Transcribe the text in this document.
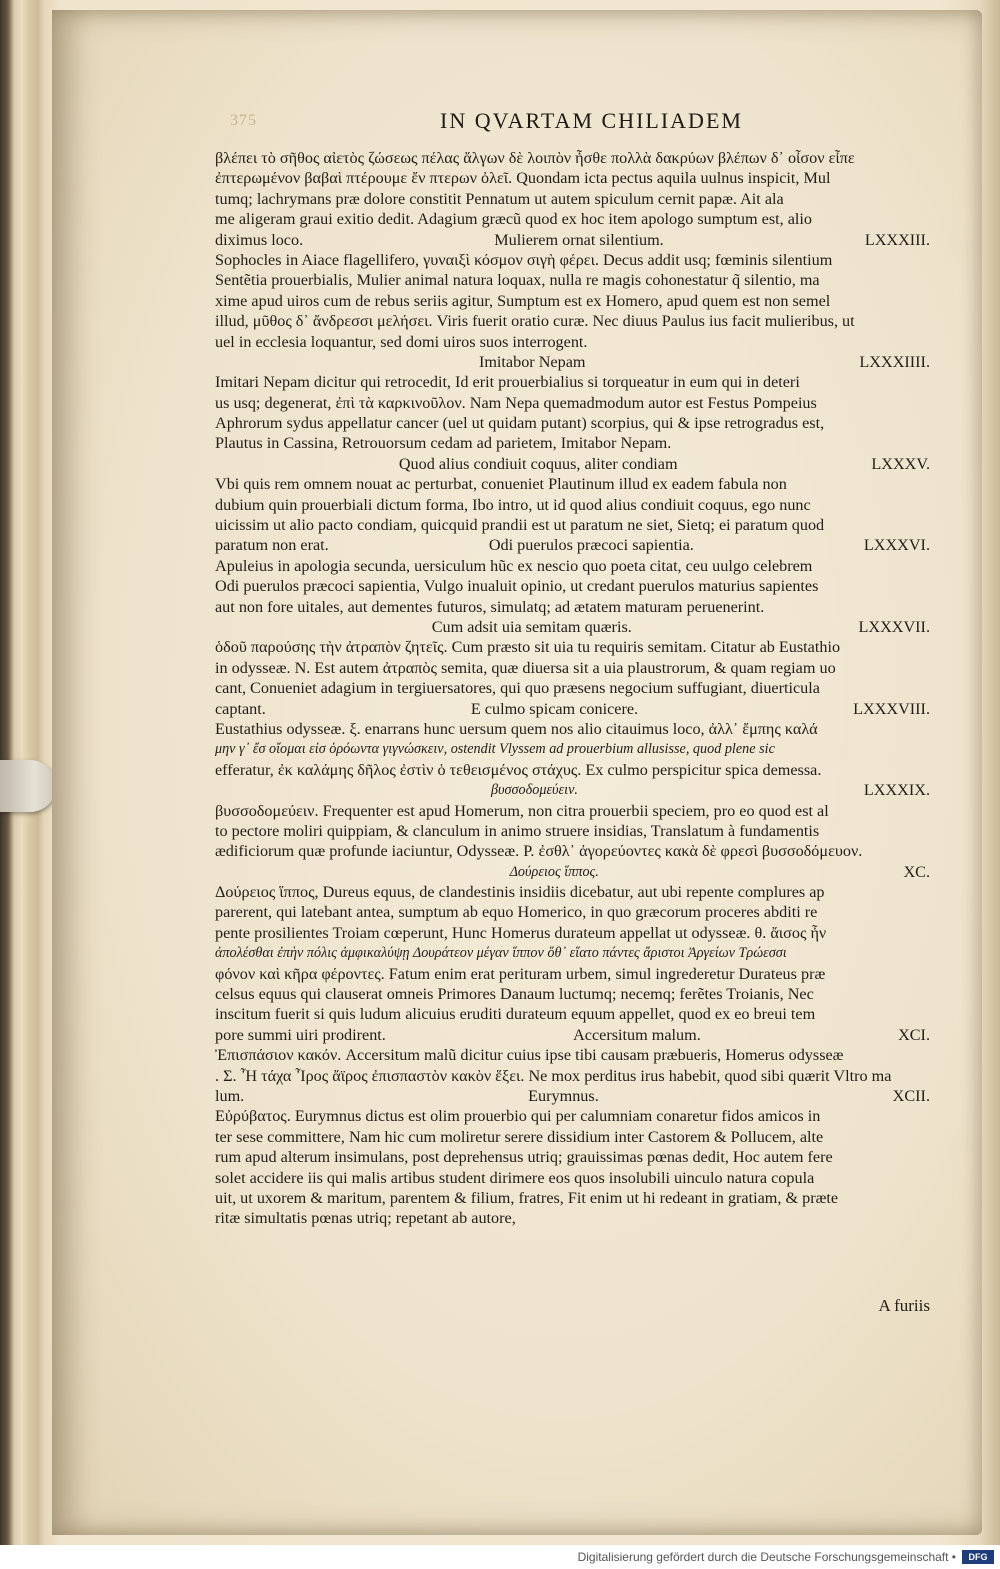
375	IN QVARTAM CHILIADEM
βλέπει τὸ σῆθος αἰετὸς ζώσεως πέλας ἄλγων δὲ λοιπὸν ἦσθε πολλὰ δακρύων βλέπων δ᾽ οἶσον εἶπε
ἐπτερωμένον βαβαὶ πτέρουμε ἔν πτερων ὀλεῖ. Quondam icta pectus aquila uulnus inspicit, Mul
tumq; lachrymans præ dolore constitit Pennatum ut autem spiculum cernit papæ. Ait ala
me aligeram graui exitio dedit. Adagium græcũ quod ex hoc item apologo sumptum est, alio
diximus loco.	Mulierem ornat silentium.	LXXXIII.
Sophocles in Aiace flagellifero, γυναιξὶ κόσμον σιγὴ φέρει. Decus addit usq; fœminis silentium
Sentẽtia prouerbialis, Mulier animal natura loquax, nulla re magis cohonestatur q̃ silentio, ma
xime apud uiros cum de rebus seriis agitur, Sumptum est ex Homero, apud quem est non semel
illud, μῦθος δ᾽ ἄνδρεσσι μελήσει. Viris fuerit oratio curæ. Nec diuus Paulus ius facit mulieribus, ut
uel in ecclesia loquantur, sed domi uiros suos interrogent.
Imitabor Nepam	LXXXIIII.
Imitari Nepam dicitur qui retrocedit, Id erit prouerbialius si torqueatur in eum qui in deteri
us usq; degenerat, ἐπὶ τὰ καρκινοῦλον. Nam Nepa quemadmodum autor est Festus Pompeius
Aphrorum sydus appellatur cancer (uel ut quidam putant) scorpius, qui & ipse retrogradus est,
Plautus in Cassina, Retrouorsum cedam ad parietem, Imitabor Nepam.
Quod alius condiuit coquus, aliter condiam	LXXXV.
Vbi quis rem omnem nouat ac perturbat, conueniet Plautinum illud ex eadem fabula non
dubium quin prouerbiali dictum forma, Ibo intro, ut id quod alius condiuit coquus, ego nunc
uicissim ut alio pacto condiam, quicquid prandii est ut paratum ne siet, Sietq; ei paratum quod
paratum non erat.	Odi puerulos præcoci sapientia.	LXXXVI.
Apuleius in apologia secunda, uersiculum hũc ex nescio quo poeta citat, ceu uulgo celebrem
Odi puerulos præcoci sapientia, Vulgo inualuit opinio, ut credant puerulos maturius sapientes
aut non fore uitales, aut dementes futuros, simulatq; ad ætatem maturam peruenerint.
Cum adsit uia semitam quæris.	LXXXVII.
ὁδοῦ παρούσης τὴν ἀτραπὸν ζητεῖς. Cum præsto sit uia tu requiris semitam. Citatur ab Eustathio
in odysseæ. N. Est autem ἀτραπὸς semita, quæ diuersa sit a uia plaustrorum, & quam regiam uo
cant, Conueniet adagium in tergiuersatores, qui quo præsens negocium suffugiant, diuerticula
captant.	E culmo spicam conicere.	LXXXVIII.
Eustathius odysseæ. ξ. enarrans hunc uersum quem nos alio citauimus loco, ἀλλ᾽ ἔμπης καλά
μην γ᾽ ἔσ οἴομαι εἰσ ὁρόωντα γιγνώσκειν, ostendit Vlyssem ad prouerbium allusisse, quod plene sic
efferatur, ἐκ καλάμης δῆλος ἐστὶν ὁ τεθεισμένος στάχυς. Ex culmo perspicitur spica demessa.
βυσσοδομεύειν.	LXXXIX.
βυσσοδομεύειν. Frequenter est apud Homerum, non citra prouerbii speciem, pro eo quod est al
to pectore moliri quippiam, & clanculum in animo struere insidias, Translatum à fundamentis
ædificiorum quæ profunde iaciuntur, Odysseæ. P. ἐσθλ᾽ ἀγορεύοντες κακὰ δὲ φρεσὶ βυσσοδόμευον.
Δούρειος ἵππος.	XC.
Δούρειος ἵππος, Dureus equus, de clandestinis insidiis dicebatur, aut ubi repente complures ap
parerent, qui latebant antea, sumptum ab equo Homerico, in quo græcorum proceres abditi re
pente prosilientes Troiam cœperunt, Hunc Homerus durateum appellat ut odysseæ. θ. ἄισος ἦν
ἀπολέσθαι ἐπὴν πόλις ἀμφικαλύψῃ Δουράτεον μέγαν ἵππον ὅθ᾽ εἵατο πάντες ἄριστοι Ἀργείων Τρώεσσι
φόνον καὶ κῆρα φέροντες. Fatum enim erat perituram urbem, simul ingrederetur Durateus præ
celsus equus qui clauserat omneis Primores Danaum luctumq; necemq; ferẽtes Troianis, Nec
inscitum fuerit si quis ludum alicuius eruditi durateum equum appellet, quod ex eo breui tem
pore summi uiri prodirent.	Accersitum malum.	XCI.
Ἐπισπάσιον κακόν. Accersitum malũ dicitur cuius ipse tibi causam præbueris, Homerus odysseæ
. Σ. Ἦ τάχα Ἶρος ἄϊρος ἐπισπαστὸν κακὸν ἕξει. Ne mox perditus irus habebit, quod sibi quærit Vltro ma
lum.	Eurymnus.	XCII.
Εὐρύβατος. Eurymnus dictus est olim prouerbio qui per calumniam conaretur fidos amicos in
ter sese committere, Nam hic cum moliretur serere dissidium inter Castorem & Pollucem, alte
rum apud alterum insimulans, post deprehensus utriq; grauissimas pœnas dedit, Hoc autem fere
solet accidere iis qui malis artibus student dirimere eos quos insolubili uinculo natura copula
uit, ut uxorem & maritum, parentem & filium, fratres, Fit enim ut hi redeant in gratiam, & præte
ritæ simultatis pœnas utriq; repetant ab autore,
A furiis
Digitalisierung gefördert durch die Deutsche Forschungsgemeinschaft •	DFG
